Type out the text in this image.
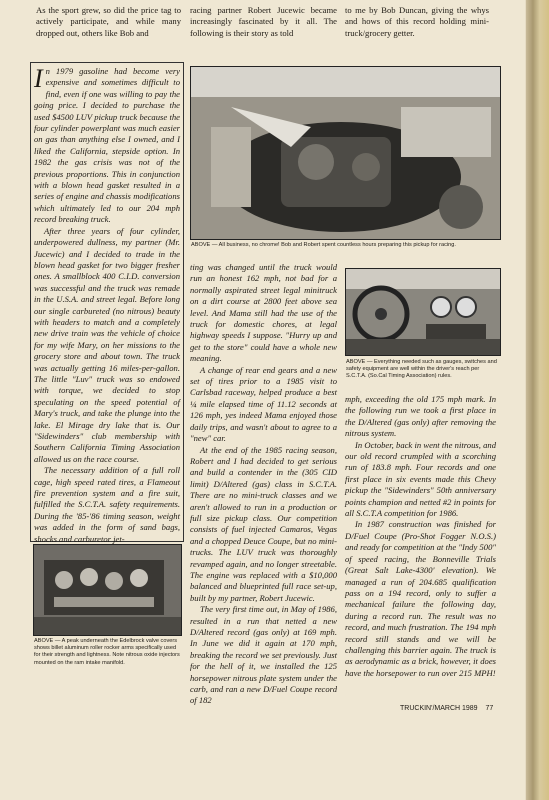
As the sport grew, so did the price tag to actively participate, and while many dropped out, others like Bob and

racing partner Robert Jucewic became increasingly fascinated by it all. The following is their story as told

to me by Bob Duncan, giving the whys and hows of this record holding mini-truck/grocery getter.

I n 1979 gasoline had become very expensive and sometimes difficult to find, even if one was willing to pay the going price. I decided to purchase the used $4500 LUV pickup truck because the four cylinder powerplant was much easier on gas than anything else I owned, and I liked the California, stepside option. In 1982 the gas crisis was not of the previous proportions. This in conjunction with a blown head gasket resulted in a series of engine and chassis modifications which ultimately led to our 204 mph record breaking truck.

After three years of four cylinder, underpowered dullness, my partner (Mr. Jucewic) and I decided to trade in the blown head gasket for two bigger fresher ones. A smallblock 400 C.I.D. conversion was successful and the truck was remade in the U.S.A. and street legal. Before long our single carbureted (no nitrous) beauty with headers to match and a completely new drive train was the vehicle of choice for my wife Mary, on her missions to the grocery store and about town. The truck was actually getting 16 miles-per-gallon. The little "Luv" truck was so endowed with torque, we decided to stop speculating on the speed potential of Mary's truck, and take the plunge into the lake. El Mirage dry lake that is. Our "Sidewinders" club membership with Southern California Timing Association allowed us on the race course.

The necessary addition of a full roll cage, high speed rated tires, a Flameout fire prevention system and a fire suit, fulfilled the S.C.T.A. safety requirements. During the '85-'86 timing season, weight was added in the form of sand bags, shocks and carburetor jet-

ABOVE — All business, no chrome! Bob and Robert spent countless hours preparing this pickup for racing.

ting was changed until the truck would run an honest 162 mph, not bad for a normally aspirated street legal minitruck on a dirt course at 2800 feet above sea level. And Mama still had the use of the truck for domestic chores, at legal highway speeds I suppose. "Hurry up and get to the store" could have a whole new meaning.

A change of rear end gears and a new set of tires prior to a 1985 visit to Carlsbad raceway, helped produce a best ¼ mile elapsed time of 11.12 seconds at 126 mph, yes indeed Mama enjoyed those daily trips, and wasn't about to agree to a "new" car.

At the end of the 1985 racing season, Robert and I had decided to get serious and build a contender in the (305 CID limit) D/Altered (gas) class in S.C.T.A. There are no mini-truck classes and we aren't allowed to run in a production or full size pickup class. Our competition consists of fuel injected Camaros, Vegas and a chopped Deuce Coupe, but no mini-trucks. The LUV truck was thoroughly revamped again, and no longer streetable. The engine was replaced with a $10,000 balanced and blueprinted full race set-up, built by my partner, Robert Jucewic.

The very first time out, in May of 1986, resulted in a run that netted a new D/Altered record (gas only) at 169 mph. In June we did it again at 170 mph, breaking the record we set previously. Just for the hell of it, we installed the 125 horsepower nitrous plate system under the carb, and ran a new D/Fuel Coupe record of 182

ABOVE — Everything needed such as gauges, switches and safety equipment are well within the driver's reach per S.C.T.A. (So.Cal Timing Association) rules.

mph, exceeding the old 175 mph mark. In the following run we took a first place in the D/Altered (gas only) after removing the nitrous system.

In October, back in went the nitrous, and our old record crumpled with a scorching run of 183.8 mph. Four records and one first place in six events made this Chevy pickup the "Sidewinders" 50th anniversary points champion and netted #2 in points for all S.C.T.A competition for 1986.

In 1987 construction was finished for D/Fuel Coupe (Pro-Shot Fogger N.O.S.) and ready for competition at the "Indy 500" of speed racing, the Bonneville Trials (Great Salt Lake-4300' elevation). We managed a run of 204.685 qualification pass on a 194 record, only to suffer a mechanical failure the following day, during a record run. The result was no record, and much frustration. The 194 mph record still stands and we will be challenging this barrier again. The truck is as aerodynamic as a brick, however, it does have the horsepower to run over 215 MPH!

ABOVE — A peak underneath the Edelbrock valve covers shows billet aluminum roller rocker arms specifically used for their strength and lightness. Note nitrous oxide injectors mounted on the ram intake manifold.

TRUCKIN'/MARCH 1989 77
